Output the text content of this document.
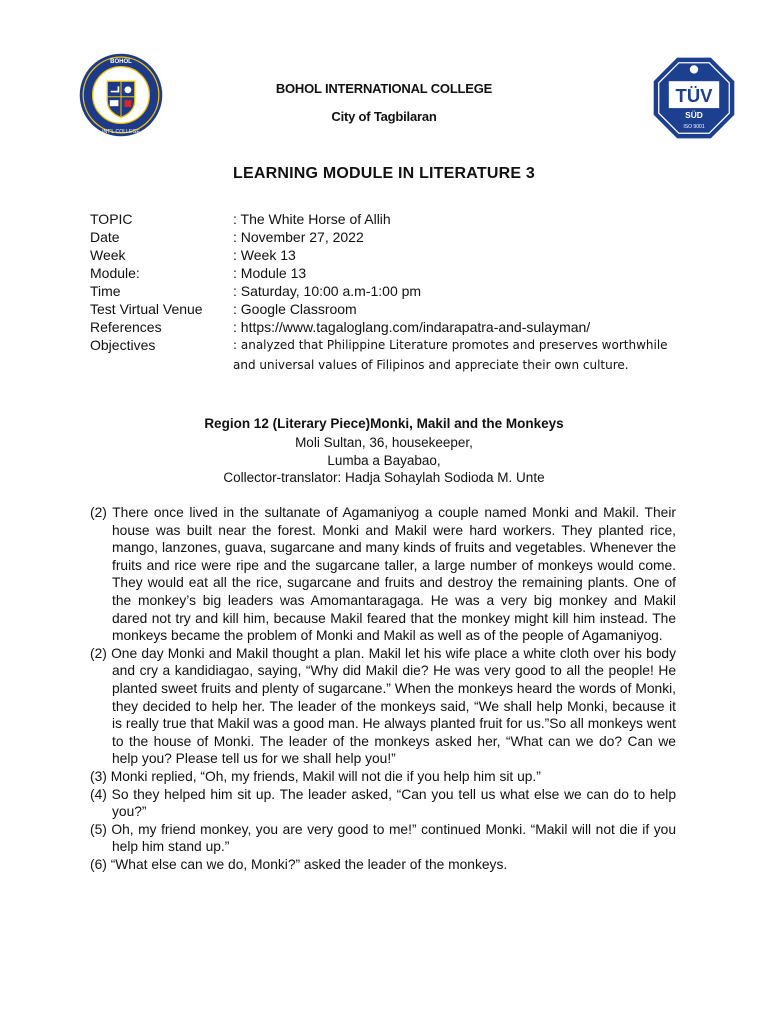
BOHOL
INT'L COLLEGE
BOHOL INTERNATIONAL COLLEGE
City of Tagbilaran
TÜV
SÜD
ISO 9001
LEARNING MODULE IN LITERATURE 3
TOPIC	: The White Horse of Allih
Date	: November 27, 2022
Week	: Week 13
Module:	: Module 13
Time	: Saturday, 10:00 a.m-1:00 pm
Test Virtual Venue : Google Classroom
References	: https://www.tagaloglang.com/indarapatra-and-sulayman/
Objectives	: analyzed that Philippine Literature promotes and preserves worthwhile and universal values of Filipinos and appreciate their own culture.
Region 12 (Literary Piece)Monki, Makil and the Monkeys
Moli Sultan, 36, housekeeper,
Lumba a Bayabao,
Collector-translator: Hadja Sohaylah Sodioda M. Unte

(2) There once lived in the sultanate of Agamaniyog a couple named Monki and Makil. Their house was built near the forest. Monki and Makil were hard workers. They planted rice, mango, lanzones, guava, sugarcane and many kinds of fruits and vegetables. Whenever the fruits and rice were ripe and the sugarcane taller, a large number of monkeys would come. They would eat all the rice, sugarcane and fruits and destroy the remaining plants. One of the monkey’s big leaders was Amomantaragaga. He was a very big monkey and Makil dared not try and kill him, because Makil feared that the monkey might kill him instead. The monkeys became the problem of Monki and Makil as well as of the people of Agamaniyog.

(2) One day Monki and Makil thought a plan. Makil let his wife place a white cloth over his body and cry a kandidiagao, saying, “Why did Makil die? He was very good to all the people! He planted sweet fruits and plenty of sugarcane.” When the monkeys heard the words of Monki, they decided to help her. The leader of the monkeys said, “We shall help Monki, because it is really true that Makil was a good man. He always planted fruit for us.”So all monkeys went to the house of Monki. The leader of the monkeys asked her, “What can we do? Can we help you? Please tell us for we shall help you!”

(3) Monki replied, “Oh, my friends, Makil will not die if you help him sit up.”

(4) So they helped him sit up. The leader asked, “Can you tell us what else we can do to help you?”

(5) Oh, my friend monkey, you are very good to me!” continued Monki. “Makil will not die if you help him stand up.”

(6) “What else can we do, Monki?” asked the leader of the monkeys.
